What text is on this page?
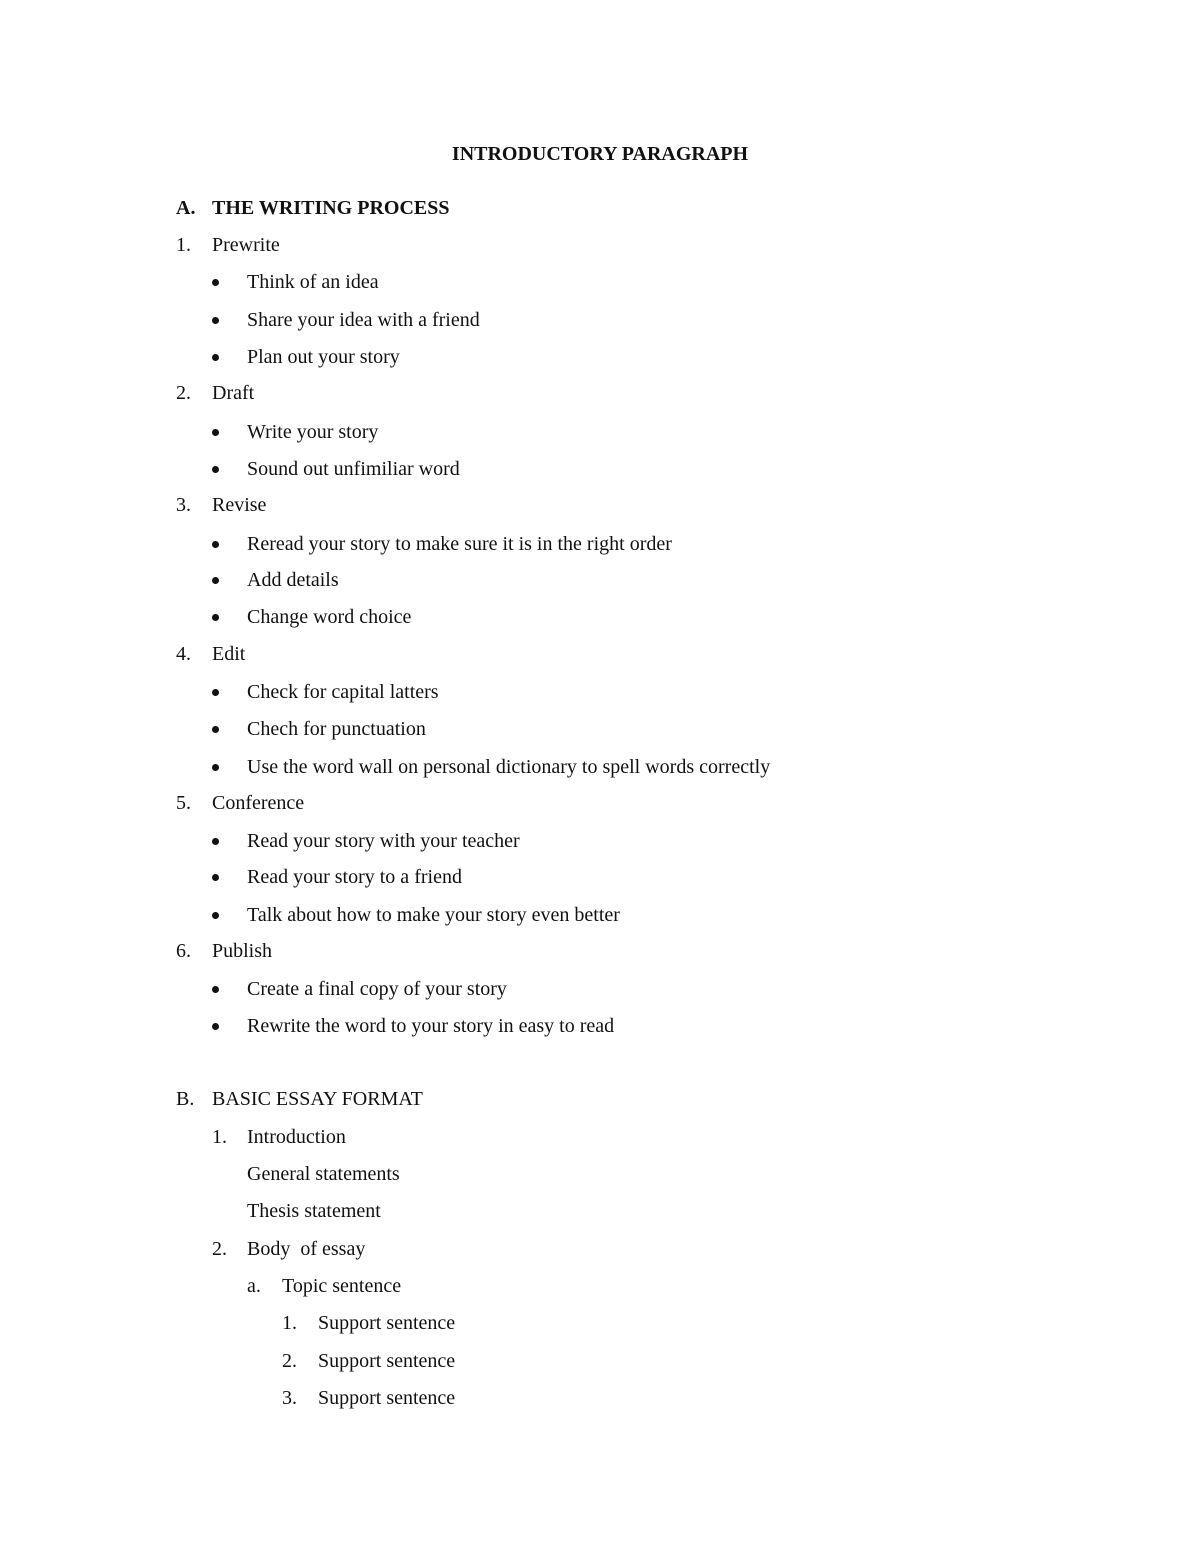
INTRODUCTORY PARAGRAPH
A. THE WRITING PROCESS
1. Prewrite
Think of an idea
Share your idea with a friend
Plan out your story
2. Draft
Write your story
Sound out unfimiliar word
3. Revise
Reread your story to make sure it is in the right order
Add details
Change word choice
4. Edit
Check for capital latters
Chech for punctuation
Use the word wall on personal dictionary to spell words correctly
5. Conference
Read your story with your teacher
Read your story to a friend
Talk about how to make your story even better
6. Publish
Create a final copy of your story
Rewrite the word to your story in easy to read
B. BASIC ESSAY FORMAT
1. Introduction
General statements
Thesis statement
2. Body  of essay
a. Topic sentence
1. Support sentence
2. Support sentence
3. Support sentence
